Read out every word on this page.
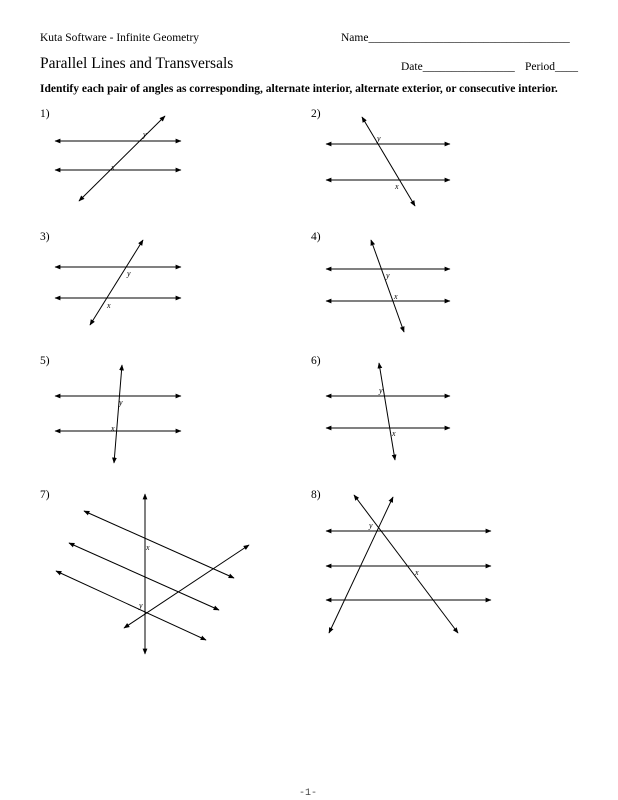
Kuta Software - Infinite Geometry	Name___________________________________
Parallel Lines and Transversals	Date________________ Period____
Identify each pair of angles as corresponding, alternate interior, alternate exterior, or consecutive interior.
1)	2)
3)	4)
5)	6)
7)	8)
y
x
y
x
y
x
y
x
y
x
y
x
x
y
y
x
-1-
